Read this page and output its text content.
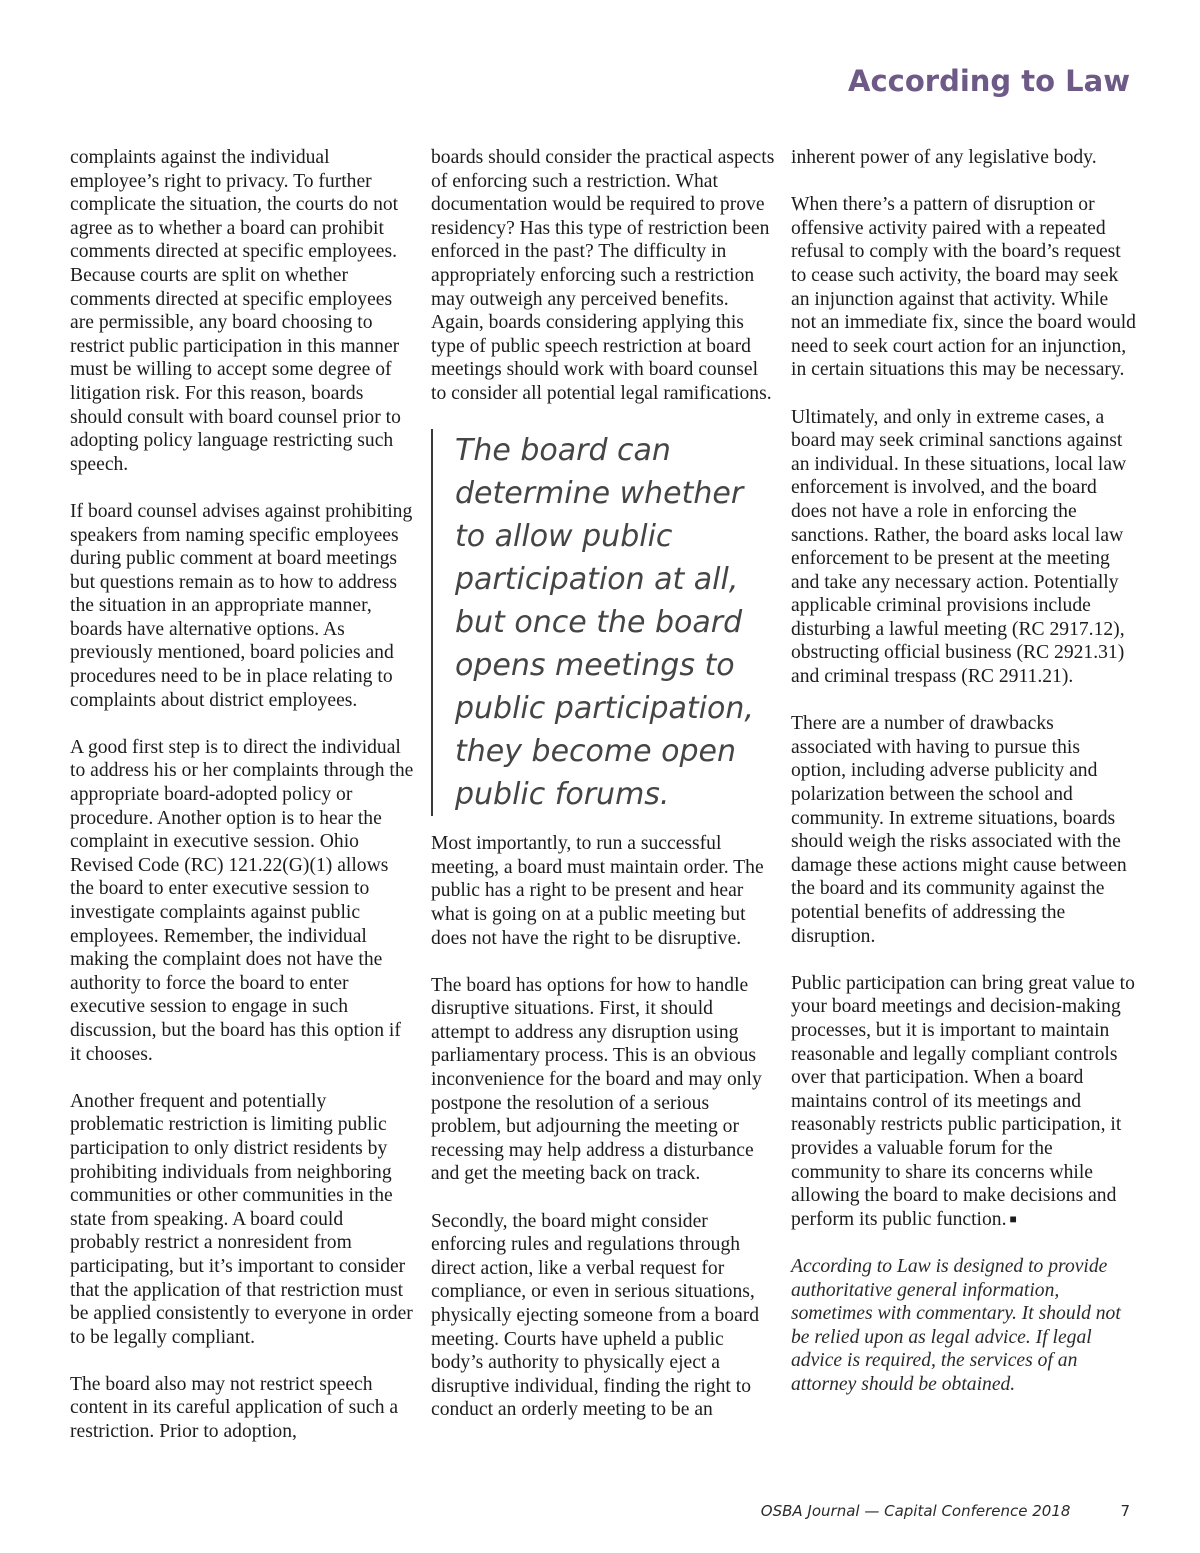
According to Law

complaints against the individual employee’s right to privacy. To further complicate the situation, the courts do not agree as to whether a board can prohibit comments directed at specific employees. Because courts are split on whether comments directed at specific employees are permissible, any board choosing to restrict public participation in this manner must be willing to accept some degree of litigation risk. For this reason, boards should consult with board counsel prior to adopting policy language restricting such speech.

If board counsel advises against prohibiting speakers from naming specific employees during public comment at board meetings but questions remain as to how to address the situation in an appropriate manner, boards have alternative options. As previously mentioned, board policies and procedures need to be in place relating to complaints about district employees.

A good first step is to direct the individual to address his or her complaints through the appropriate board-adopted policy or procedure. Another option is to hear the complaint in executive session. Ohio Revised Code (RC) 121.22(G)(1) allows the board to enter executive session to investigate complaints against public employees. Remember, the individual making the complaint does not have the authority to force the board to enter executive session to engage in such discussion, but the board has this option if it chooses.

Another frequent and potentially problematic restriction is limiting public participation to only district residents by prohibiting individuals from neighboring communities or other communities in the state from speaking. A board could probably restrict a nonresident from participating, but it’s important to consider that the application of that restriction must be applied consistently to everyone in order to be legally compliant.

The board also may not restrict speech content in its careful application of such a restriction. Prior to adoption,

boards should consider the practical aspects of enforcing such a restriction. What documentation would be required to prove residency? Has this type of restriction been enforced in the past? The difficulty in appropriately enforcing such a restriction may outweigh any perceived benefits. Again, boards considering applying this type of public speech restriction at board meetings should work with board counsel to consider all potential legal ramifications.

The board can determine whether to allow public participation at all, but once the board opens meetings to public participation, they become open public forums.

Most importantly, to run a successful meeting, a board must maintain order. The public has a right to be present and hear what is going on at a public meeting but does not have the right to be disruptive.

The board has options for how to handle disruptive situations. First, it should attempt to address any disruption using parliamentary process. This is an obvious inconvenience for the board and may only postpone the resolution of a serious problem, but adjourning the meeting or recessing may help address a disturbance and get the meeting back on track.

Secondly, the board might consider enforcing rules and regulations through direct action, like a verbal request for compliance, or even in serious situations, physically ejecting someone from a board meeting. Courts have upheld a public body’s authority to physically eject a disruptive individual, finding the right to conduct an orderly meeting to be an

inherent power of any legislative body.

When there’s a pattern of disruption or offensive activity paired with a repeated refusal to comply with the board’s request to cease such activity, the board may seek an injunction against that activity. While not an immediate fix, since the board would need to seek court action for an injunction, in certain situations this may be necessary.

Ultimately, and only in extreme cases, a board may seek criminal sanctions against an individual. In these situations, local law enforcement is involved, and the board does not have a role in enforcing the sanctions. Rather, the board asks local law enforcement to be present at the meeting and take any necessary action. Potentially applicable criminal provisions include disturbing a lawful meeting (RC 2917.12), obstructing official business (RC 2921.31) and criminal trespass (RC 2911.21).

There are a number of drawbacks associated with having to pursue this option, including adverse publicity and polarization between the school and community. In extreme situations, boards should weigh the risks associated with the damage these actions might cause between the board and its community against the potential benefits of addressing the disruption.

Public participation can bring great value to your board meetings and decision-making processes, but it is important to maintain reasonable and legally compliant controls over that participation. When a board maintains control of its meetings and reasonably restricts public participation, it provides a valuable forum for the community to share its concerns while allowing the board to make decisions and perform its public function. ■

According to Law is designed to provide authoritative general information, sometimes with commentary. It should not be relied upon as legal advice. If legal advice is required, the services of an attorney should be obtained.

OSBA Journal — Capital Conference 2018	7
